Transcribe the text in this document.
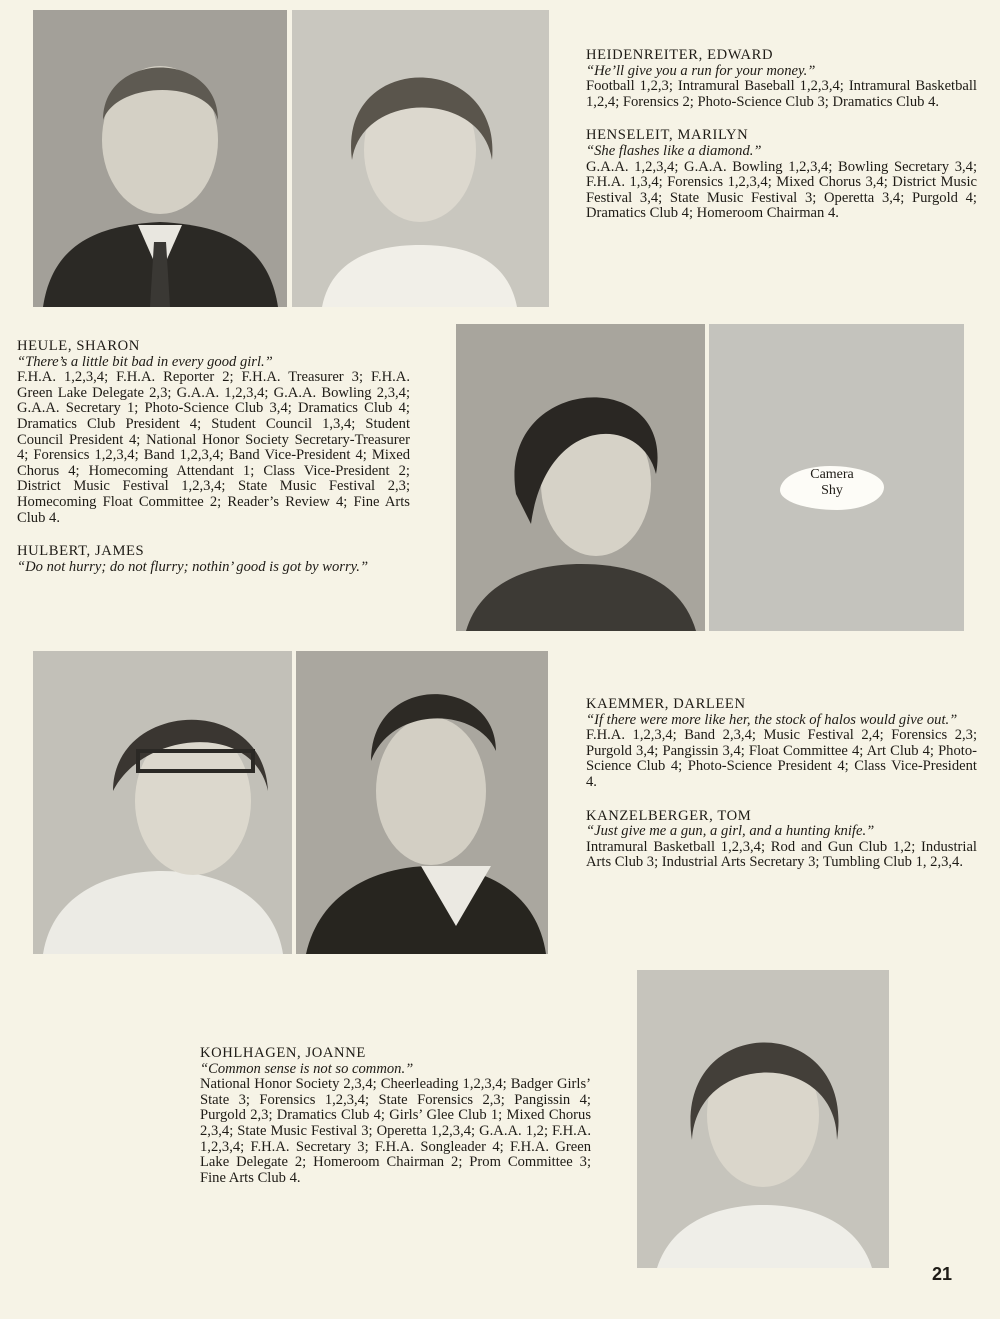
HEIDENREITER, EDWARD
“He’ll give you a run for your money.”
Football 1,2,3; Intramural Baseball 1,2,3,4; Intramural Basketball 1,2,4; Forensics 2; Photo-Science Club 3; Dramatics Club 4.
HENSELEIT, MARILYN
“She flashes like a diamond.”
G.A.A. 1,2,3,4; G.A.A. Bowling 1,2,3,4; Bowling Secretary 3,4; F.H.A. 1,3,4; Forensics 1,2,3,4; Mixed Chorus 3,4; District Music Festival 3,4; State Music Festival 3; Operetta 3,4; Purgold 4; Dramatics Club 4; Homeroom Chairman 4.
HEULE, SHARON
“There’s a little bit bad in every good girl.”
F.H.A. 1,2,3,4; F.H.A. Reporter 2; F.H.A. Treasurer 3; F.H.A. Green Lake Delegate 2,3; G.A.A. 1,2,3,4; G.A.A. Bowling 2,3,4; G.A.A. Secretary 1; Photo-Science Club 3,4; Dramatics Club 4; Dramatics Club President 4; Student Council 1,3,4; Student Council President 4; National Honor Society Secretary-Treasurer 4; Forensics 1,2,3,4; Band 1,2,3,4; Band Vice-President 4; Mixed Chorus 4; Homecoming Attendant 1; Class Vice-President 2; District Music Festival 1,2,3,4; State Music Festival 2,3; Homecoming Float Committee 2; Reader’s Review 4; Fine Arts Club 4.
HULBERT, JAMES
“Do not hurry; do not flurry; nothin’ good is got by worry.”
Camera
Shy
KAEMMER, DARLEEN
“If there were more like her, the stock of halos would give out.”
F.H.A. 1,2,3,4; Band 2,3,4; Music Festival 2,4; Forensics 2,3; Purgold 3,4; Pangissin 3,4; Float Committee 4; Art Club 4; Photo-Science Club 4; Photo-Science President 4; Class Vice-President 4.
KANZELBERGER, TOM
“Just give me a gun, a girl, and a hunting knife.”
Intramural Basketball 1,2,3,4; Rod and Gun Club 1,2; Industrial Arts Club 3; Industrial Arts Secretary 3; Tumbling Club 1, 2,3,4.
KOHLHAGEN, JOANNE
“Common sense is not so common.”
National Honor Society 2,3,4; Cheerleading 1,2,3,4; Badger Girls’ State 3; Forensics 1,2,3,4; State Forensics 2,3; Pangissin 4; Purgold 2,3; Dramatics Club 4; Girls’ Glee Club 1; Mixed Chorus 2,3,4; State Music Festival 3; Operetta 1,2,3,4; G.A.A. 1,2; F.H.A. 1,2,3,4; F.H.A. Secretary 3; F.H.A. Songleader 4; F.H.A. Green Lake Delegate 2; Homeroom Chairman 2; Prom Committee 3; Fine Arts Club 4.
21
